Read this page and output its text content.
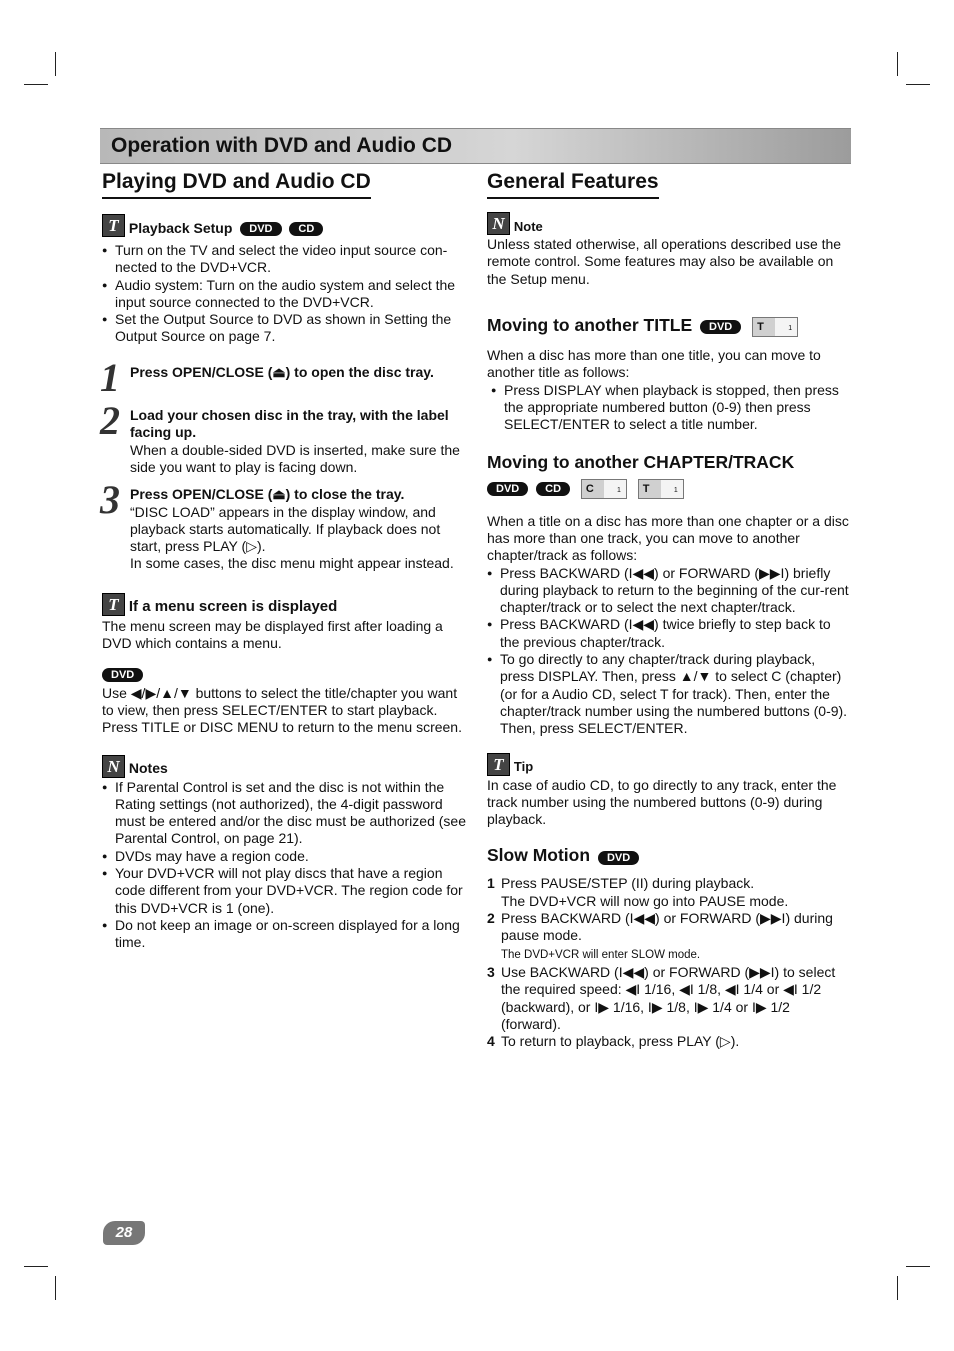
Operation with DVD and Audio CD
Playing DVD and Audio CD
T Playback Setup DVD CD
● Turn on the TV and select the video input source con-nected to the DVD+VCR.
● Audio system: Turn on the audio system and select the input source connected to the DVD+VCR.
● Set the Output Source to DVD as shown in Setting the Output Source on page 7.
1 Press OPEN/CLOSE (⏏) to open the disc tray.

2 Load your chosen disc in the tray, with the label facing up.

When a double-sided DVD is inserted, make sure the side you want to play is facing down.

3 Press OPEN/CLOSE (⏏) to close the tray.

“DISC LOAD” appears in the display window, and playback starts automatically. If playback does not start, press PLAY (▷).
In some cases, the disc menu might appear instead.

T If a menu screen is displayed

The menu screen may be displayed first after loading a DVD which contains a menu.

DVD

Use ◀/▶/▲/▼ buttons to select the title/chapter you want to view, then press SELECT/ENTER to start playback.
Press TITLE or DISC MENU to return to the menu screen.

N Notes
● If Parental Control is set and the disc is not within the Rating settings (not authorized), the 4-digit password must be entered and/or the disc must be authorized (see Parental Control, on page 21).
● DVDs may have a region code.
● Your DVD+VCR will not play discs that have a region code different from your DVD+VCR. The region code for this DVD+VCR is 1 (one).
● Do not keep an image or on-screen displayed for a long time.
General Features
N Note

Unless stated otherwise, all operations described use the remote control. Some features may also be available on the Setup menu.

Moving to another TITLE DVD T	1

When a disc has more than one title, you can move to another title as follows:

● Press DISPLAY when playback is stopped, then press the appropriate numbered button (0-9) then press SELECT/ENTER to select a title number.
Moving to another CHAPTER/TRACK
DVD CD C	1
T	1

When a title on a disc has more than one chapter or a disc has more than one track, you can move to another chapter/track as follows:

● Press BACKWARD (I◀◀) or FORWARD (▶▶I) briefly during playback to return to the beginning of the cur-rent chapter/track or to select the next chapter/track.
● Press BACKWARD (I◀◀) twice briefly to step back to the previous chapter/track.
● To go directly to any chapter/track during playback, press DISPLAY. Then, press ▲/▼ to select C (chapter) (or for a Audio CD, select T for track). Then, enter the chapter/track number using the numbered buttons (0-9). Then, press SELECT/ENTER.
T Tip

In case of audio CD, to go directly to any track, enter the track number using the numbered buttons (0-9) during playback.

Slow Motion DVD
1 Press PAUSE/STEP (II) during playback.
The DVD+VCR will now go into PAUSE mode.
2 Press BACKWARD (I◀◀) or FORWARD (▶▶I) during pause mode.
The DVD+VCR will enter SLOW mode.
3 Use BACKWARD (I◀◀) or FORWARD (▶▶I) to select the required speed: ◀I 1/16, ◀I 1/8, ◀I 1/4 or ◀I 1/2 (backward), or I▶ 1/16, I▶ 1/8, I▶ 1/4 or I▶ 1/2 (forward).
4 To return to playback, press PLAY (▷).
28
